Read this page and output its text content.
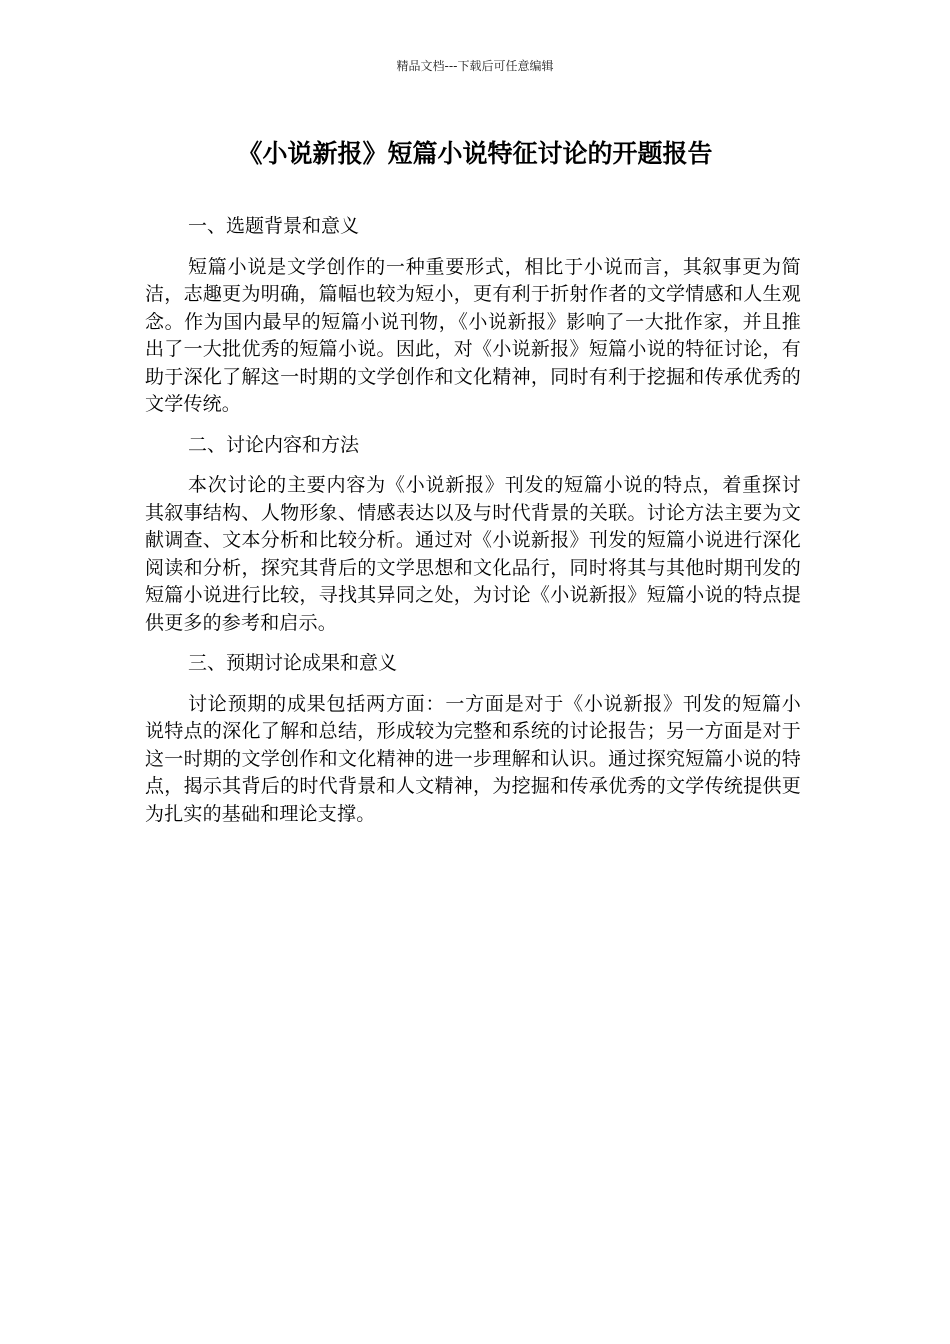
精品文档---下载后可任意编辑
《小说新报》短篇小说特征讨论的开题报告
一、选题背景和意义

短篇小说是文学创作的一种重要形式，相比于小说而言，其叙事更为简洁，志趣更为明确，篇幅也较为短小，更有利于折射作者的文学情感和人生观念。作为国内最早的短篇小说刊物，《小说新报》影响了一大批作家，并且推出了一大批优秀的短篇小说。因此，对《小说新报》短篇小说的特征讨论，有助于深化了解这一时期的文学创作和文化精神，同时有利于挖掘和传承优秀的文学传统。

二、讨论内容和方法

本次讨论的主要内容为《小说新报》刊发的短篇小说的特点，着重探讨其叙事结构、人物形象、情感表达以及与时代背景的关联。讨论方法主要为文献调查、文本分析和比较分析。通过对《小说新报》刊发的短篇小说进行深化阅读和分析，探究其背后的文学思想和文化品行，同时将其与其他时期刊发的短篇小说进行比较，寻找其异同之处，为讨论《小说新报》短篇小说的特点提供更多的参考和启示。

三、预期讨论成果和意义

讨论预期的成果包括两方面：一方面是对于《小说新报》刊发的短篇小说特点的深化了解和总结，形成较为完整和系统的讨论报告；另一方面是对于这一时期的文学创作和文化精神的进一步理解和认识。通过探究短篇小说的特点，揭示其背后的时代背景和人文精神，为挖掘和传承优秀的文学传统提供更为扎实的基础和理论支撑。
